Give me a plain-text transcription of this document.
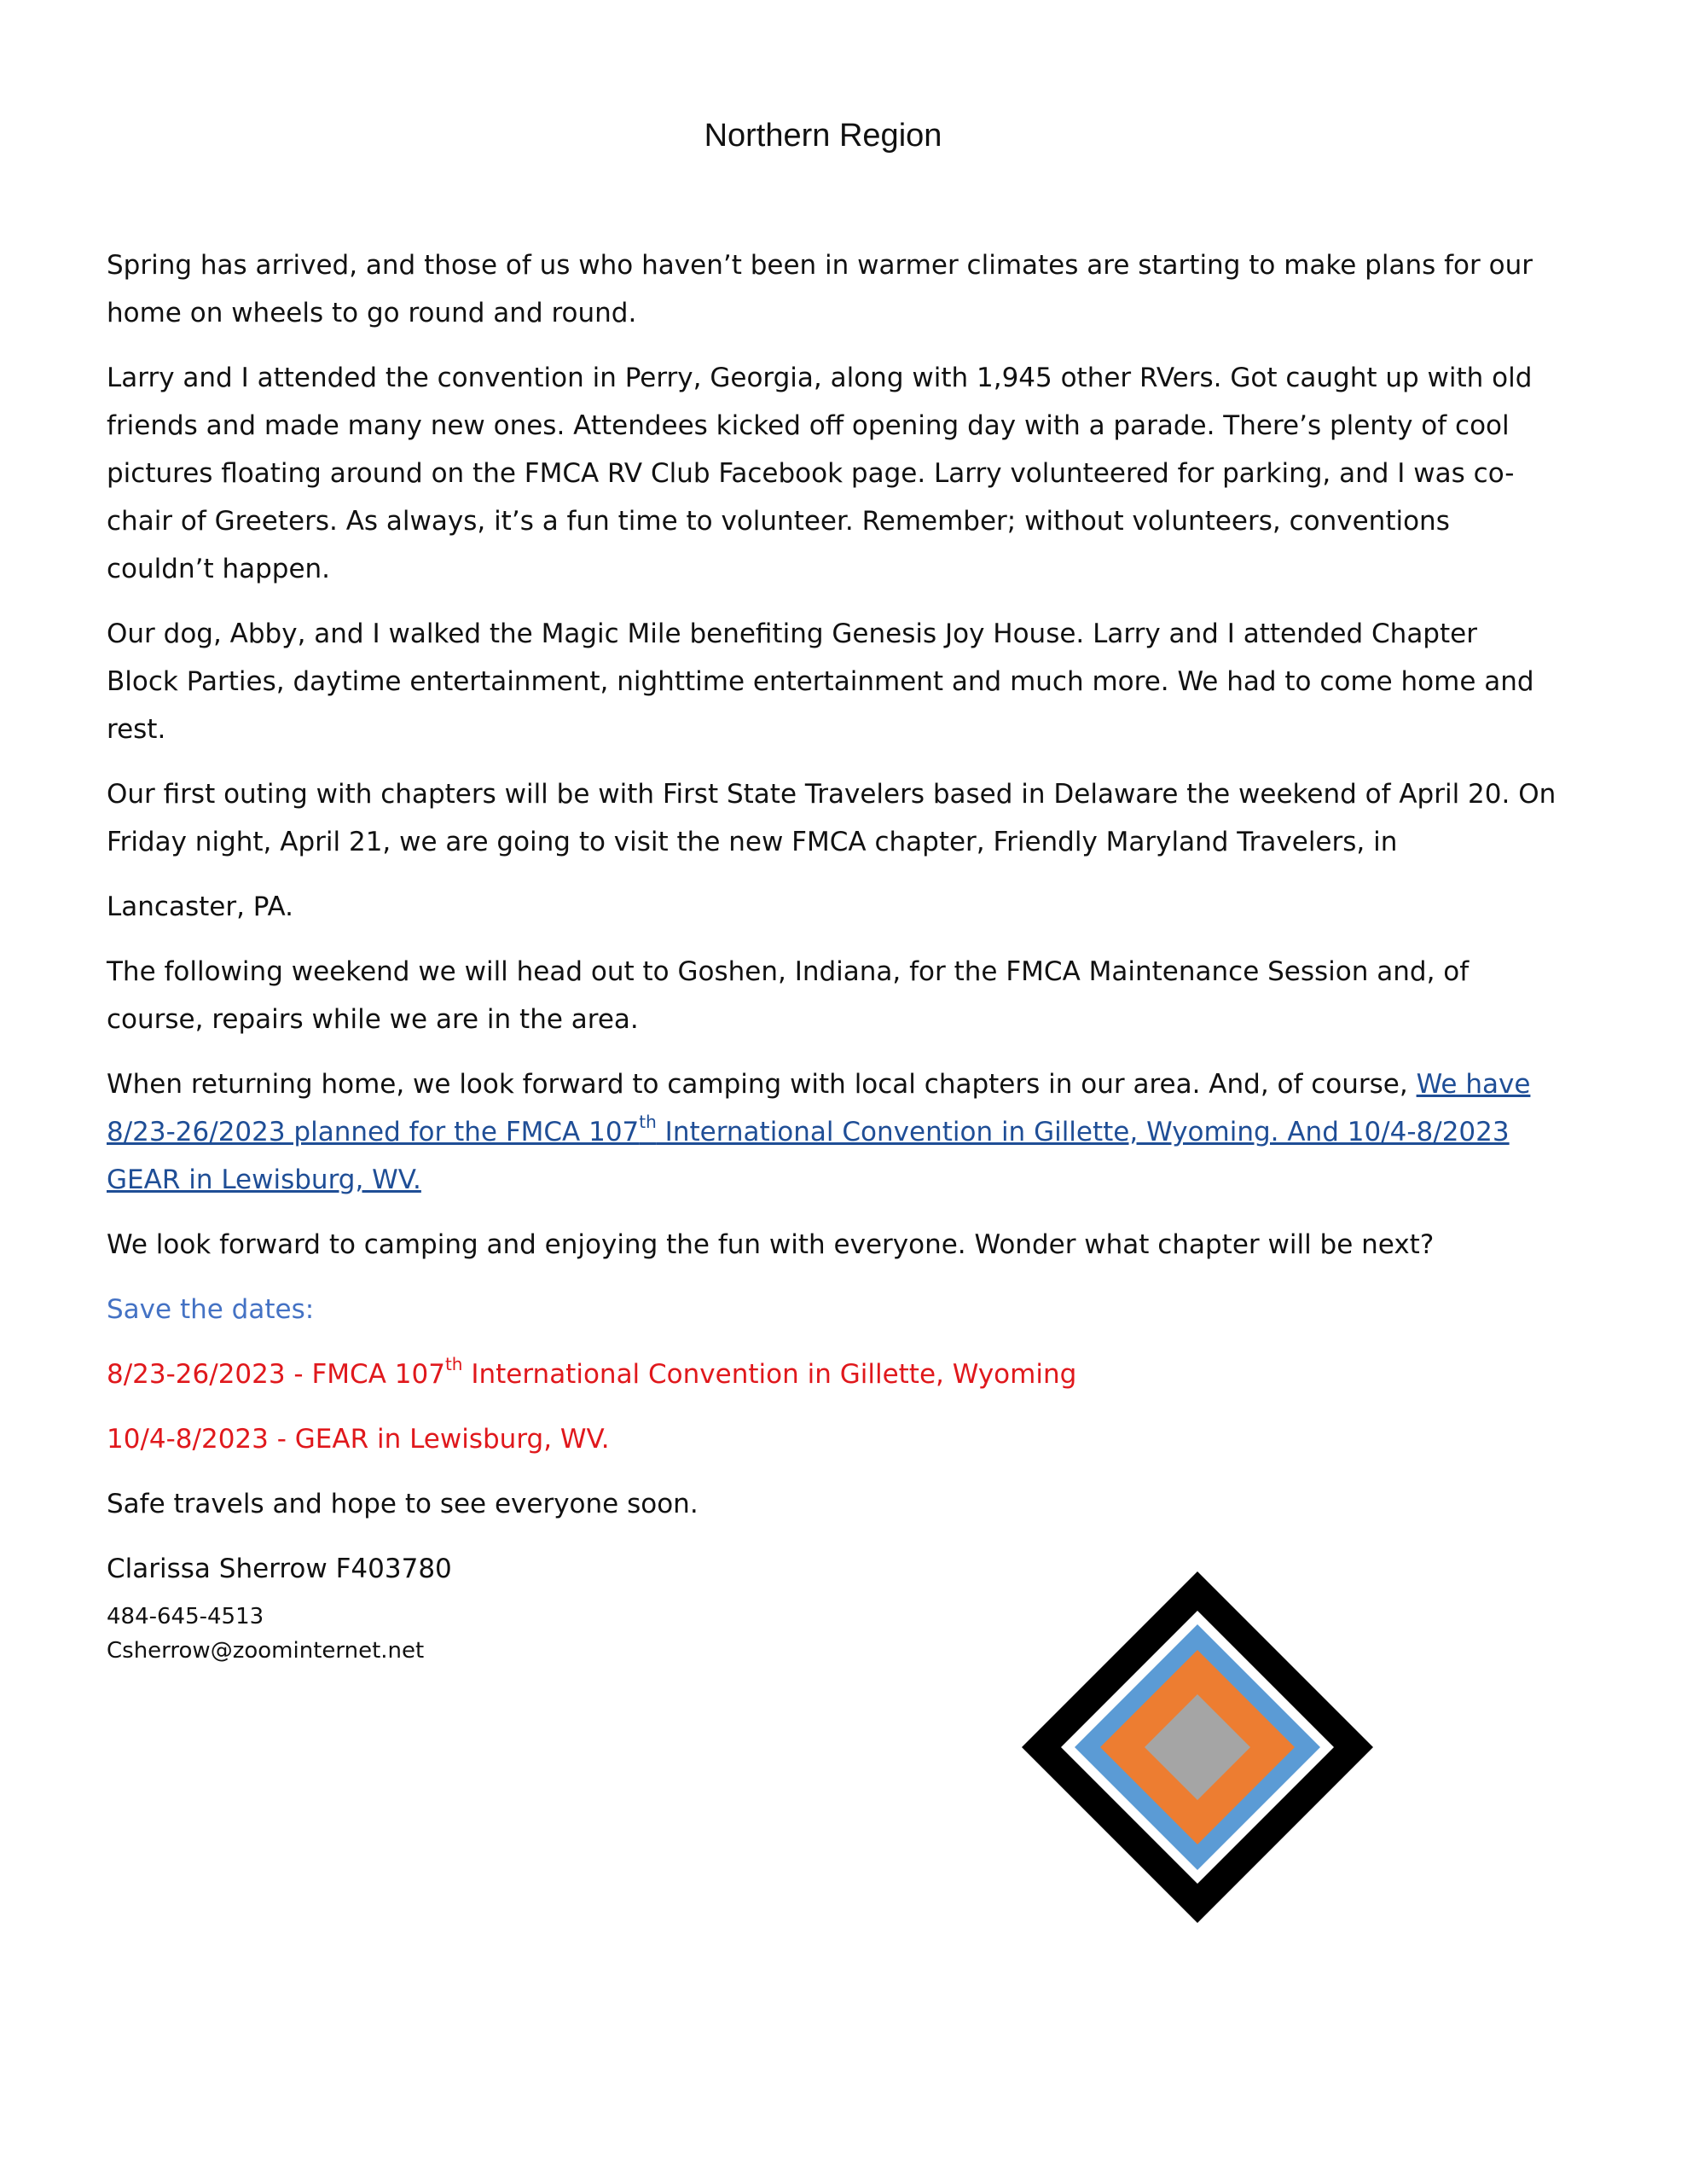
Northern Region

Spring has arrived, and those of us who haven’t been in warmer climates are starting to make plans for our home on wheels to go round and round.

Larry and I attended the convention in Perry, Georgia, along with 1,945 other RVers. Got caught up with old friends and made many new ones. Attendees kicked off opening day with a parade. There’s plenty of cool pictures floating around on the FMCA RV Club Facebook page. Larry volunteered for parking, and I was co-chair of Greeters. As always, it’s a fun time to volunteer. Remember; without volunteers, conventions couldn’t happen.

Our dog, Abby, and I walked the Magic Mile benefiting Genesis Joy House. Larry and I attended Chapter Block Parties, daytime entertainment, nighttime entertainment and much more. We had to come home and rest.

Our first outing with chapters will be with First State Travelers based in Delaware the weekend of April 20. On Friday night, April 21, we are going to visit the new FMCA chapter, Friendly Maryland Travelers, in

Lancaster, PA.

The following weekend we will head out to Goshen, Indiana, for the FMCA Maintenance Session and, of course, repairs while we are in the area.

When returning home, we look forward to camping with local chapters in our area. And, of course, We have 8/23-26/2023 planned for the FMCA 107th International Convention in Gillette, Wyoming. And 10/4-8/2023 GEAR in Lewisburg, WV.

We look forward to camping and enjoying the fun with everyone. Wonder what chapter will be next?

Save the dates:

8/23-26/2023 - FMCA 107th International Convention in Gillette, Wyoming

10/4-8/2023 - GEAR in Lewisburg, WV.

Safe travels and hope to see everyone soon.

Clarissa Sherrow F403780

484-645-4513
Csherrow@zoominternet.net
